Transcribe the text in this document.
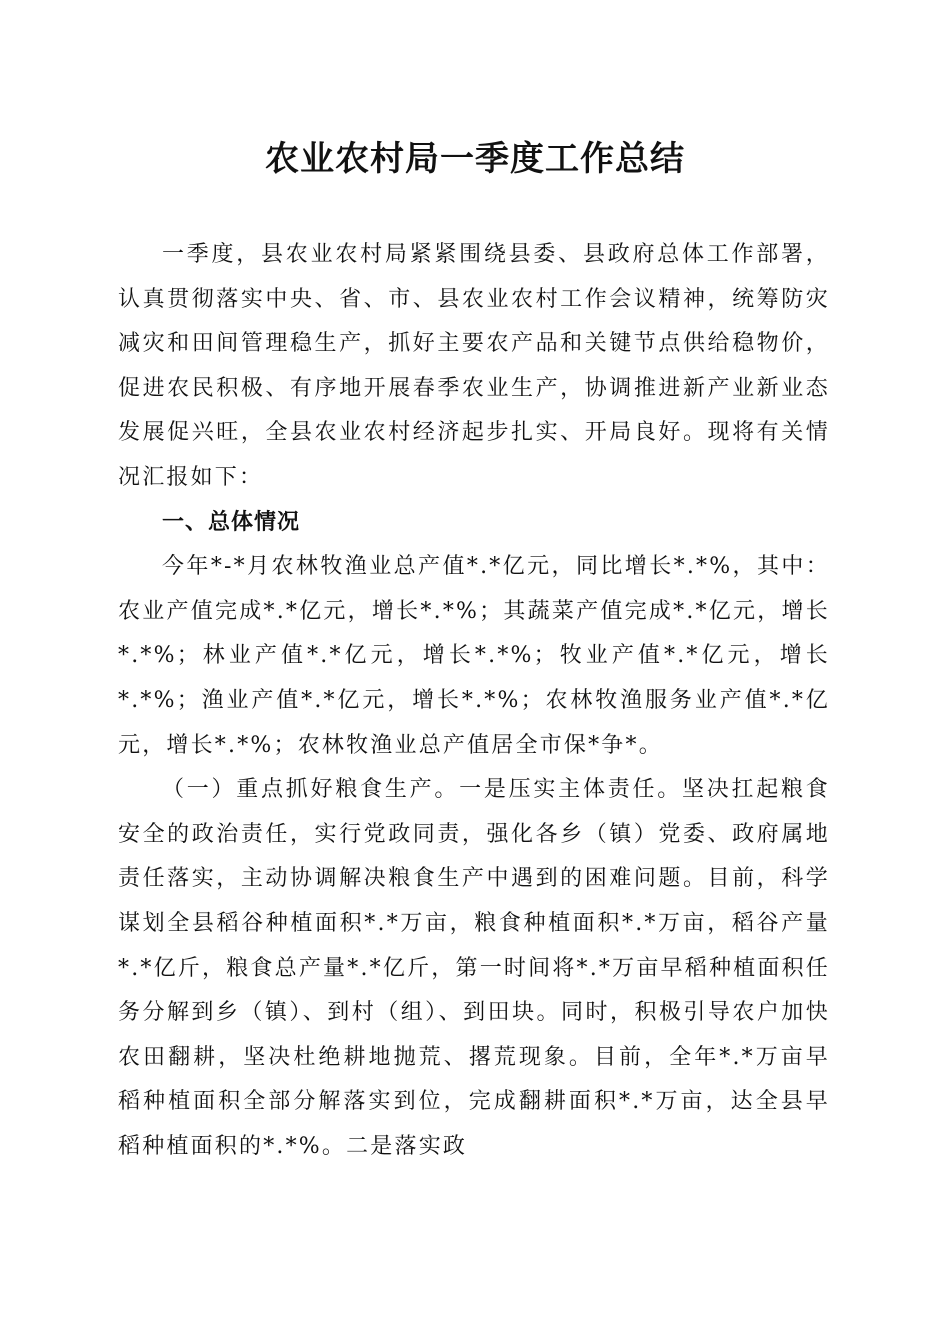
农业农村局一季度工作总结

一季度，县农业农村局紧紧围绕县委、县政府总体工作部署，认真贯彻落实中央、省、市、县农业农村工作会议精神，统筹防灾减灾和田间管理稳生产，抓好主要农产品和关键节点供给稳物价，促进农民积极、有序地开展春季农业生产，协调推进新产业新业态发展促兴旺，全县农业农村经济起步扎实、开局良好。现将有关情况汇报如下：

一、总体情况

今年*-*月农林牧渔业总产值*.*亿元，同比增长*.*%，其中：农业产值完成*.*亿元，增长*.*%；其蔬菜产值完成*.*亿元，增长*.*%；林业产值*.*亿元，增长*.*%；牧业产值*.*亿元，增长*.*%；渔业产值*.*亿元，增长*.*%；农林牧渔服务业产值*.*亿元，增长*.*%；农林牧渔业总产值居全市保*争*。

（一）重点抓好粮食生产。一是压实主体责任。坚决扛起粮食安全的政治责任，实行党政同责，强化各乡（镇）党委、政府属地责任落实，主动协调解决粮食生产中遇到的困难问题。目前，科学谋划全县稻谷种植面积*.*万亩，粮食种植面积*.*万亩，稻谷产量*.*亿斤，粮食总产量*.*亿斤，第一时间将*.*万亩早稻种植面积任务分解到乡（镇）、到村（组）、到田块。同时，积极引导农户加快农田翻耕，坚决杜绝耕地抛荒、撂荒现象。目前，全年*.*万亩早稻种植面积全部分解落实到位，完成翻耕面积*.*万亩，达全县早稻种植面积的*.*%。二是落实政
